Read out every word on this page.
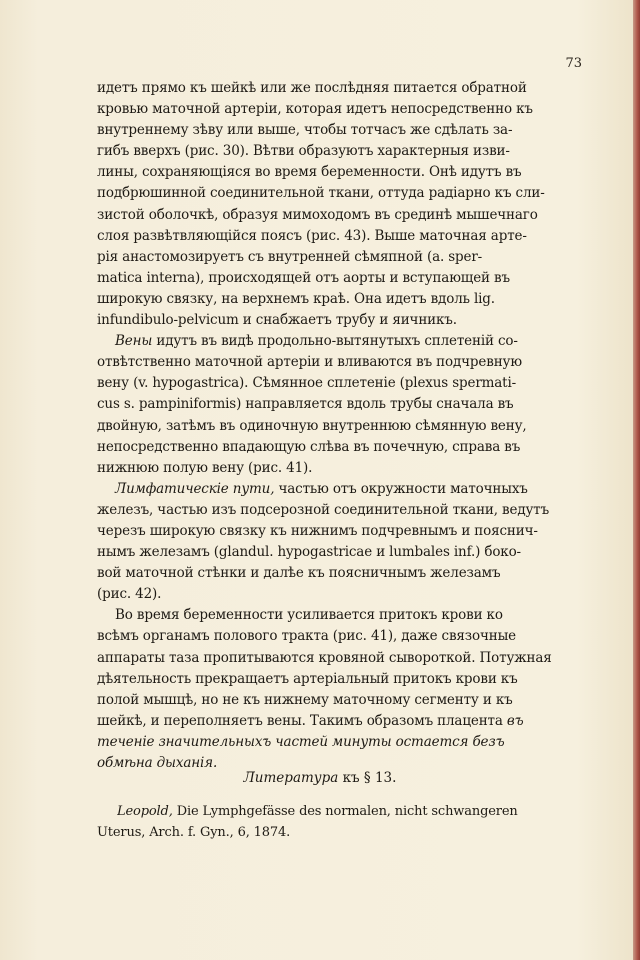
73
идетъ прямо къ шейкѣ или же послѣдняя питается обратной
кровью маточной артеріи, которая идетъ непосредственно къ
внутреннему зѣву или выше, чтобы тотчасъ же сдѣлать за-
гибъ вверхъ (рис. 30). Вѣтви образуютъ характерныя изви-
лины, сохраняющіяся во время беременности. Онѣ идутъ въ
подбрюшинной соединительной ткани, оттуда радіарно къ сли-
зистой оболочкѣ, образуя мимоходомъ въ срединѣ мышечнаго
слоя развѣтвляющійся поясъ (рис. 43). Выше маточная арте-
рія анастомозируетъ съ внутренней сѣмяпной (a. sper-
matica interna), происходящей отъ аорты и вступающей въ
широкую связку, на верхнемъ краѣ. Она идетъ вдоль lig.
infundibulo-pelvicum и снабжаетъ трубу и яичникъ.
Вены идутъ въ видѣ продольно-вытянутыхъ сплетеній со-
отвѣтственно маточной артеріи и вливаются въ подчревную
вену (v. hypogastrica). Сѣмянное сплетеніе (plexus spermati-
cus s. pampiniformis) направляется вдоль трубы сначала въ
двойную, затѣмъ въ одиночную внутреннюю сѣмянную вену,
непосредственно впадающую слѣва въ почечную, справа въ
нижнюю полую вену (рис. 41).
Лимфатическіе пути, частью отъ окружности маточныхъ
железъ, частью изъ подсерозной соединительной ткани, ведутъ
черезъ широкую связку къ нижнимъ подчревнымъ и пояснич-
нымъ железамъ (glandul. hypogastricae и lumbales inf.) боко-
вой маточной стѣнки и далѣе къ поясничнымъ железамъ
(рис. 42).
Во время беременности усиливается притокъ крови ко
всѣмъ органамъ полового тракта (рис. 41), даже связочные
аппараты таза пропитываются кровяной сывороткой. Потужная
дѣятельность прекращаетъ артеріальный притокъ крови къ
полой мышцѣ, но не къ нижнему маточному сегменту и къ
шейкѣ, и переполняетъ вены. Такимъ образомъ плацента въ
теченіе значительныхъ частей минуты остается безъ
обмѣна дыханія.
Литература къ § 13.
Leopold, Die Lymphgefässe des normalen, nicht schwangeren
Uterus, Arch. f. Gyn., 6, 1874.
